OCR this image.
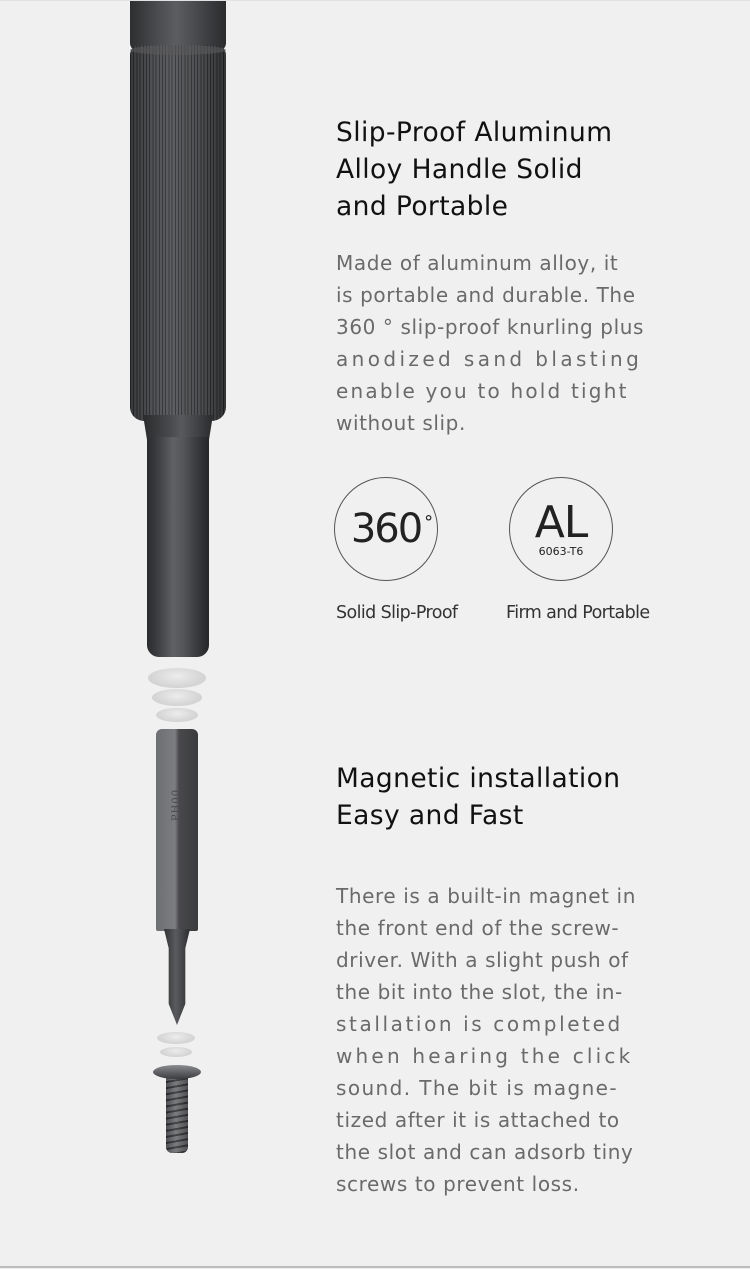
PH00
Slip-Proof Aluminum
Alloy Handle Solid
and Portable
Made of aluminum alloy, it
is portable and durable. The
360 ° slip-proof knurling plus
anodized sand blasting
enable you to hold tight
without slip.
360 °
Solid Slip-Proof
AL
6063-T6
Firm and Portable
Magnetic installation
Easy and Fast
There is a built-in magnet in
the front end of the screw-
driver. With a slight push of
the bit into the slot, the in-
stallation is completed
when hearing the click
sound. The bit is magne-
tized after it is attached to
the slot and can adsorb tiny
screws to prevent loss.
